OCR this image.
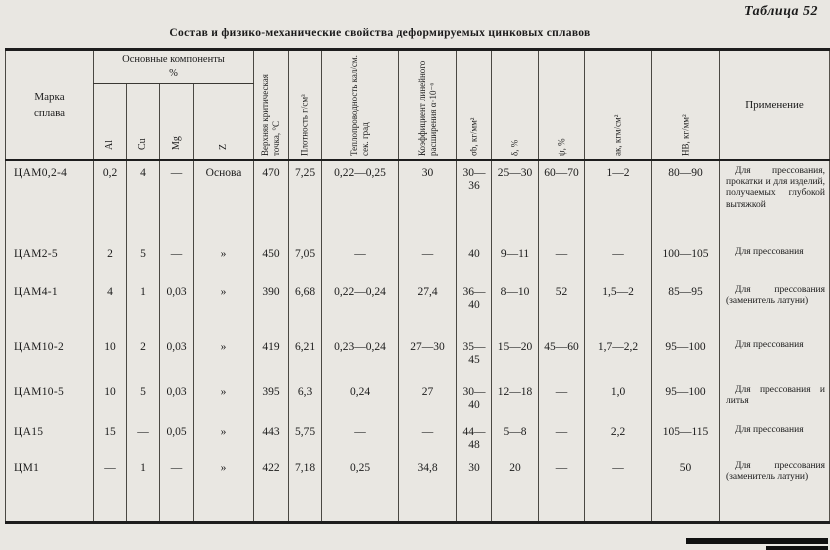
Таблица 52
Состав и физико-механические свойства деформируемых цинковых сплавов
Марка сплава	Основные компоненты
%				Верхняя критическая точка, °С	Плотность г/см³	Теплопроводность кал/см. сек. град	Коэффициент линейного расширения α·10⁻⁶	σb, кг/мм²	δ, %	ψ, %	aк, кгм/см²	HB, кг/мм²	Применение

	Al	Cu	Mg	Z										

ЦАМ0,2-4	0,2	4	—	Основа	470	7,25	0,22—0,25	30	30—36	25—30	60—70	1—2	80—90	Для прессования, прокатки и для изделий, получаемых глубокой вытяжкой
ЦАМ2-5	2	5	—	»	450	7,05	—	—	40	9—11	—	—	100—105	Для прессования
ЦАМ4-1	4	1	0,03	»	390	6,68	0,22—0,24	27,4	36—40	8—10	52	1,5—2	85—95	Для прессования (заменитель латуни)
ЦАМ10-2	10	2	0,03	»	419	6,21	0,23—0,24	27—30	35—45	15—20	45—60	1,7—2,2	95—100	Для прессования
ЦАМ10-5	10	5	0,03	»	395	6,3	0,24	27	30—40	12—18	—	1,0	95—100	Для прессования и литья
ЦА15	15	—	0,05	»	443	5,75	—	—	44—48	5—8	—	2,2	105—115	Для прессования
ЦМ1	—	1	—	»	422	7,18	0,25	34,8	30	20	—	—	50	Для прессования (заменитель латуни)
